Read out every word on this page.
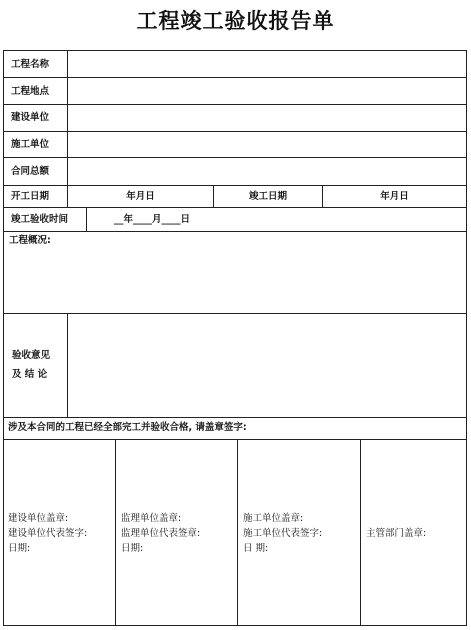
工程竣工验收报告单
工程名称
工程地点
建设单位
施工单位
合同总额
开工日期	年月日	竣工日期	年月日
竣工验收时间	__年____月____日
工程概况:
验收意见
及 结 论
涉及本合同的工程已经全部完工并验收合格, 请盖章签字:
建设单位盖章:
建设单位代表签字:
日期:
监理单位盖章:
监理单位代表签章:
日期:
施工单位盖章:
施工单位代表签字:
日 期:
主管部门盖章:
